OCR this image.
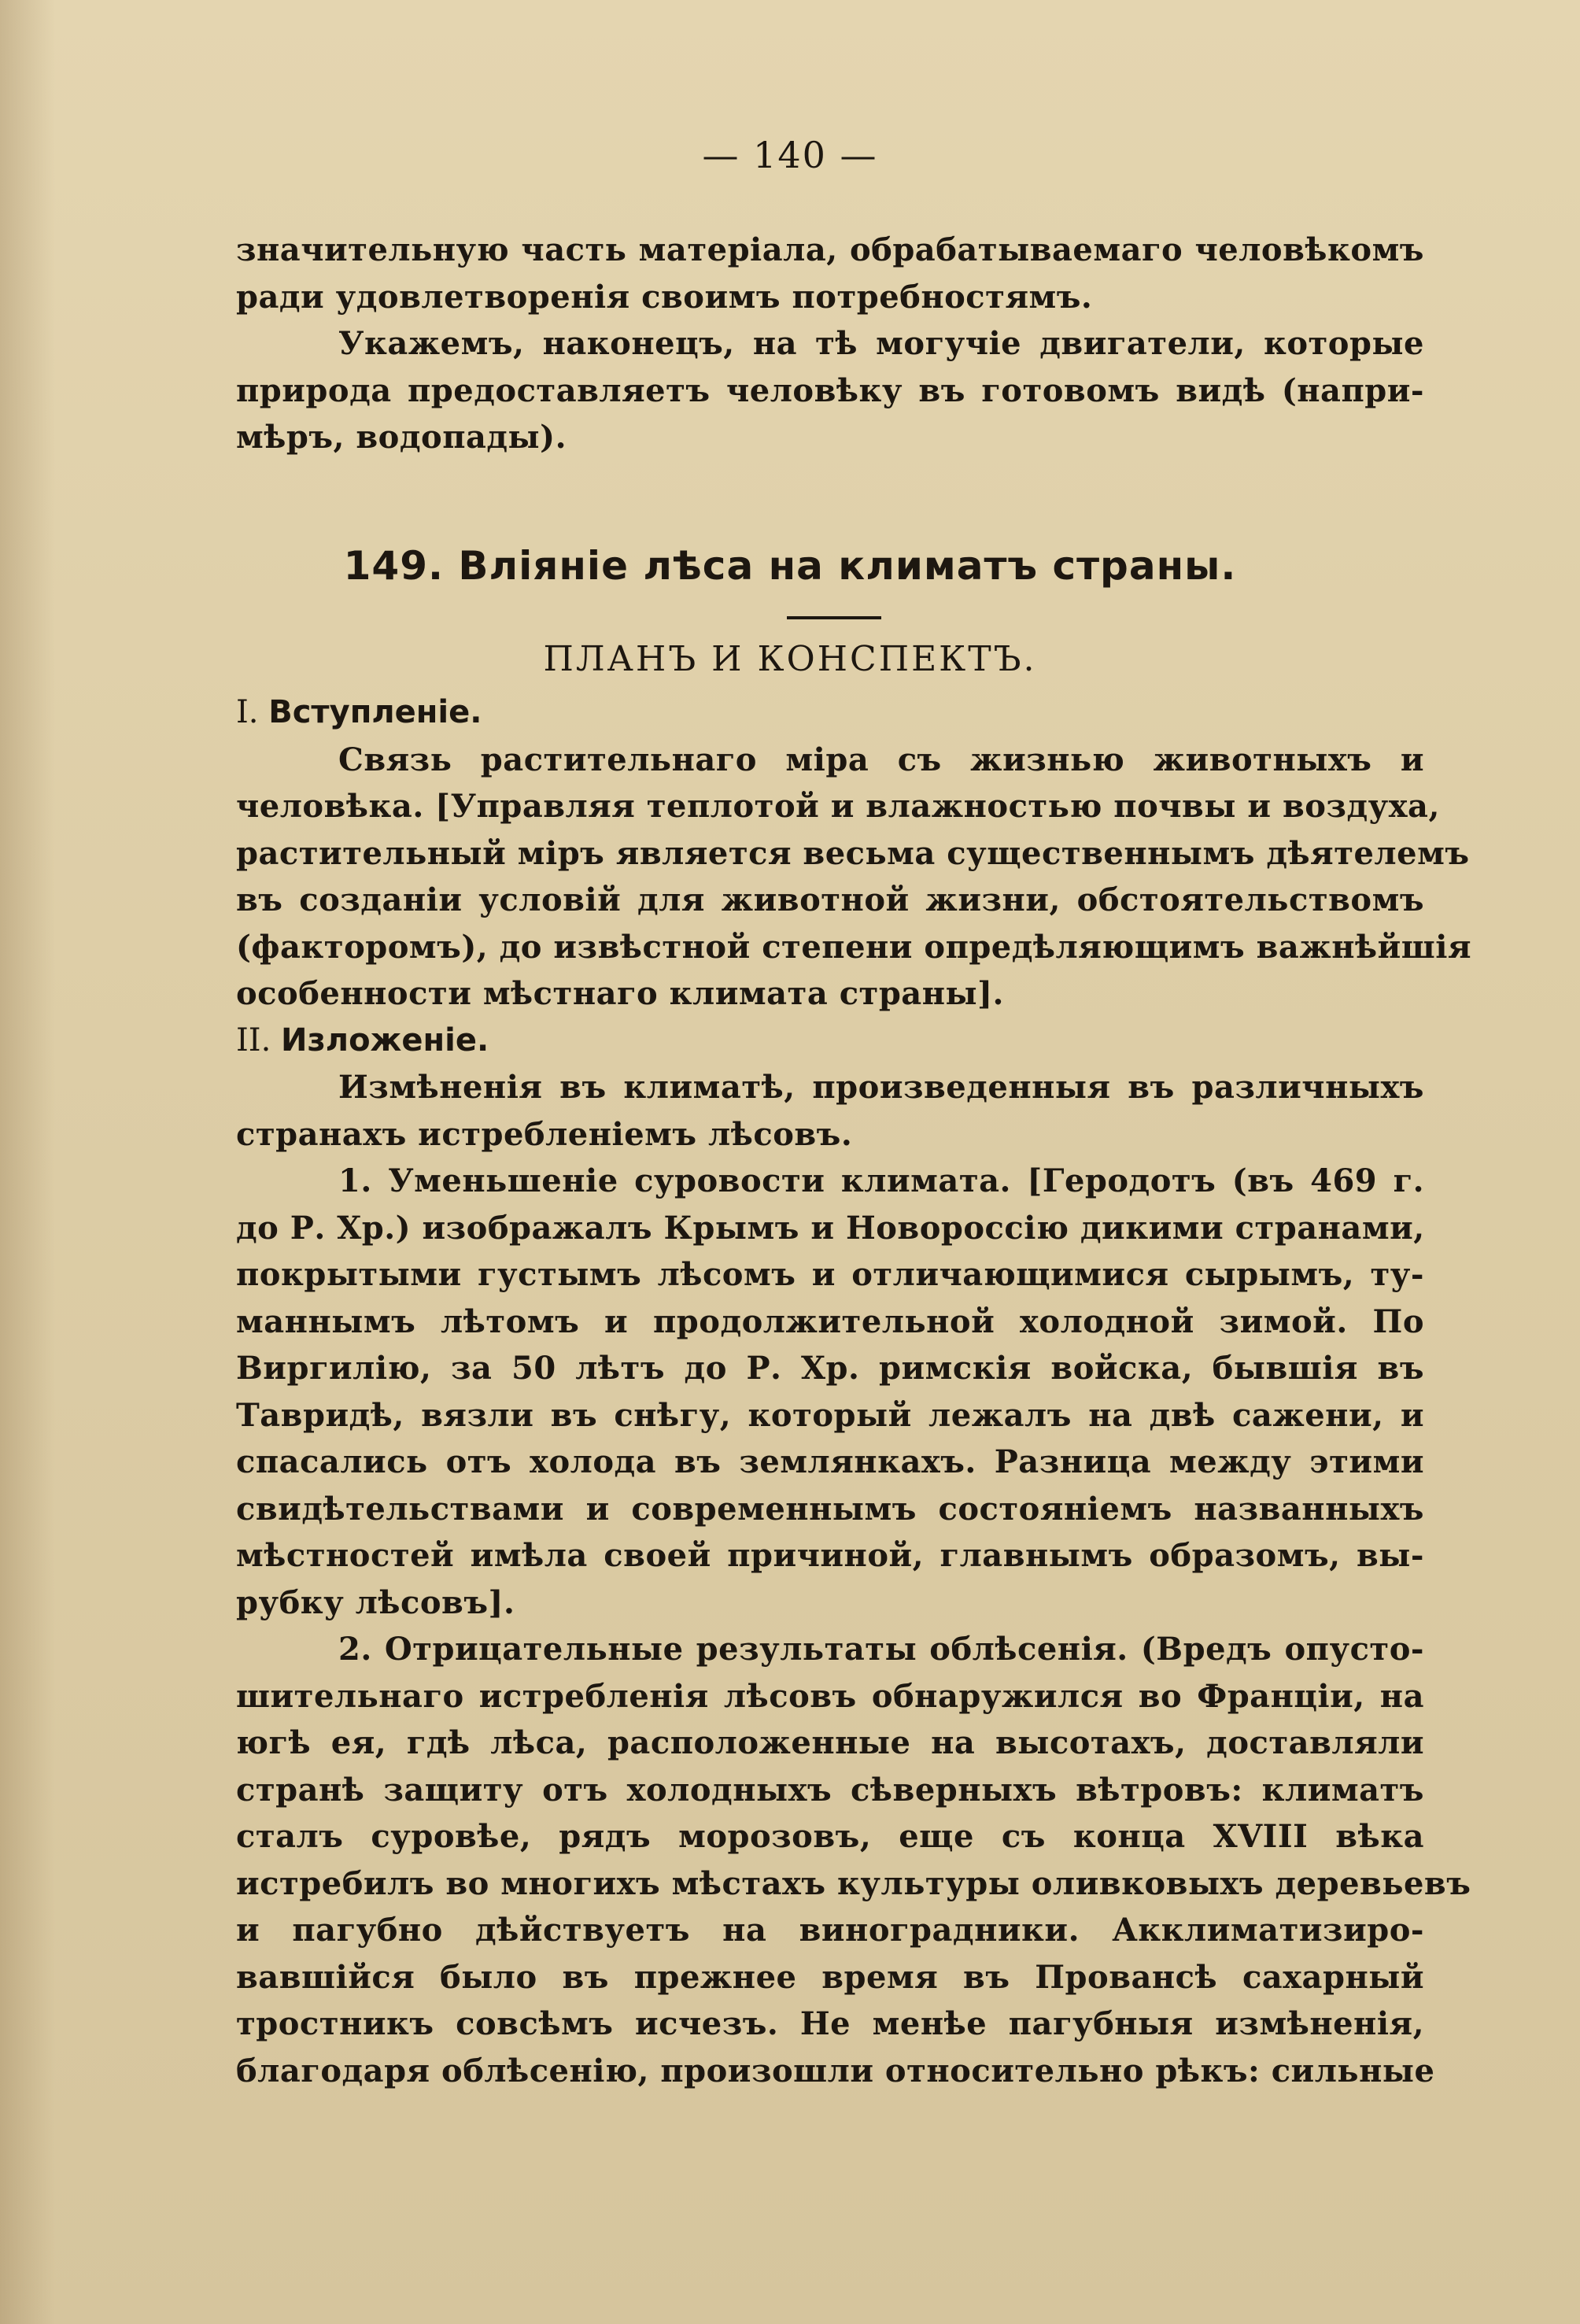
— 140 —
значительную часть матеріала, обрабатываемаго человѣкомъ
ради удовлетворенія своимъ потребностямъ.
Укажемъ, наконецъ, на тѣ могучіе двигатели, которые
природа предоставляетъ человѣку въ готовомъ видѣ (напри-
мѣръ, водопады).
149. Вліяніе лѣса на климатъ страны.
ПЛАНЪ И КОНСПЕКТЪ.
I. Вступленіе.
Связь растительнаго міра съ жизнью животныхъ и
человѣка. [Управляя теплотой и влажностью почвы и воздуха,
растительный міръ является весьма существеннымъ дѣятелемъ
въ созданіи условій для животной жизни, обстоятельствомъ
(факторомъ), до извѣстной степени опредѣляющимъ важнѣйшія
особенности мѣстнаго климата страны].
II. Изложеніе.
Измѣненія въ климатѣ, произведенныя въ различныхъ
странахъ истребленіемъ лѣсовъ.
1. Уменьшеніе суровости климата. [Геродотъ (въ 469 г.
до Р. Хр.) изображалъ Крымъ и Новороссію дикими странами,
покрытыми густымъ лѣсомъ и отличающимися сырымъ, ту-
маннымъ лѣтомъ и продолжительной холодной зимой. По
Виргилію, за 50 лѣтъ до Р. Хр. римскія войска, бывшія въ
Тавридѣ, вязли въ снѣгу, который лежалъ на двѣ сажени, и
спасались отъ холода въ землянкахъ. Разница между этими
свидѣтельствами и современнымъ состояніемъ названныхъ
мѣстностей имѣла своей причиной, главнымъ образомъ, вы-
рубку лѣсовъ].
2. Отрицательные результаты облѣсенія. (Вредъ опусто-
шительнаго истребленія лѣсовъ обнаружился во Франціи, на
югѣ ея, гдѣ лѣса, расположенные на высотахъ, доставляли
странѣ защиту отъ холодныхъ сѣверныхъ вѣтровъ: климатъ
сталъ суровѣе, рядъ морозовъ, еще съ конца XVIII вѣка
истребилъ во многихъ мѣстахъ культуры оливковыхъ деревьевъ
и пагубно дѣйствуетъ на виноградники. Акклиматизиро-
вавшійся было въ прежнее время въ Провансѣ сахарный
тростникъ совсѣмъ исчезъ. Не менѣе пагубныя измѣненія,
благодаря облѣсенію, произошли относительно рѣкъ: сильные
